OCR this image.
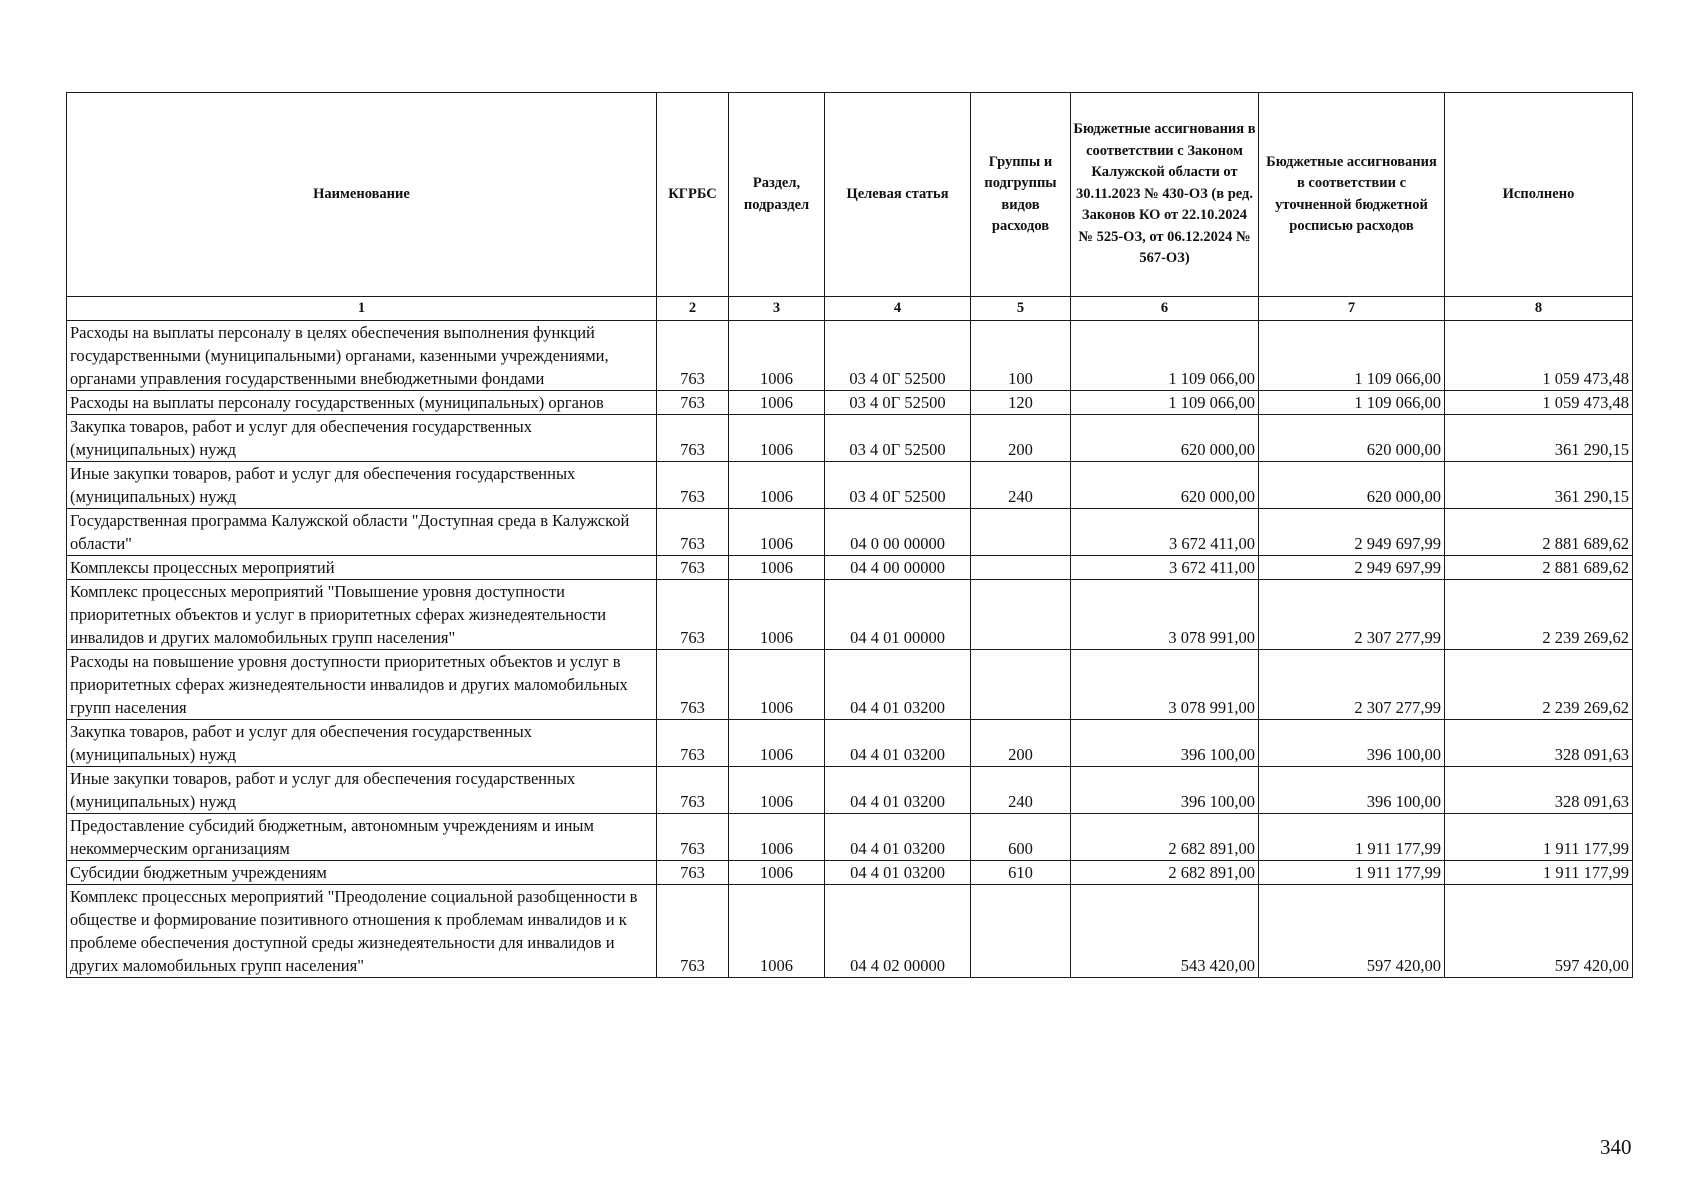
Наименование	КГРБС	Раздел, подраздел	Целевая статья	Группы и подгруппы видов расходов	Бюджетные ассигнования в соответствии с Законом Калужской области от 30.11.2023 № 430-ОЗ (в ред. Законов КО от 22.10.2024 № 525-ОЗ, от 06.12.2024 № 567-ОЗ)	Бюджетные ассигнования в соответствии с уточненной бюджетной росписью расходов	Исполнено
1	2	3	4	5	6	7	8
Расходы на выплаты персоналу в целях обеспечения выполнения функций государственными (муниципальными) органами, казенными учреждениями, органами управления государственными внебюджетными фондами	763	1006	03 4 0Г 52500	100	1 109 066,00	1 109 066,00	1 059 473,48
Расходы на выплаты персоналу государственных (муниципальных) органов	763	1006	03 4 0Г 52500	120	1 109 066,00	1 109 066,00	1 059 473,48
Закупка товаров, работ и услуг для обеспечения государственных (муниципальных) нужд	763	1006	03 4 0Г 52500	200	620 000,00	620 000,00	361 290,15
Иные закупки товаров, работ и услуг для обеспечения государственных (муниципальных) нужд	763	1006	03 4 0Г 52500	240	620 000,00	620 000,00	361 290,15
Государственная программа Калужской области "Доступная среда в Калужской области"	763	1006	04 0 00 00000		3 672 411,00	2 949 697,99	2 881 689,62
Комплексы процессных мероприятий	763	1006	04 4 00 00000		3 672 411,00	2 949 697,99	2 881 689,62
Комплекс процессных мероприятий "Повышение уровня доступности приоритетных объектов и услуг в приоритетных сферах жизнедеятельности инвалидов и других маломобильных групп населения"	763	1006	04 4 01 00000		3 078 991,00	2 307 277,99	2 239 269,62
Расходы на повышение уровня доступности приоритетных объектов и услуг в приоритетных сферах жизнедеятельности инвалидов и других маломобильных групп населения	763	1006	04 4 01 03200		3 078 991,00	2 307 277,99	2 239 269,62
Закупка товаров, работ и услуг для обеспечения государственных (муниципальных) нужд	763	1006	04 4 01 03200	200	396 100,00	396 100,00	328 091,63
Иные закупки товаров, работ и услуг для обеспечения государственных (муниципальных) нужд	763	1006	04 4 01 03200	240	396 100,00	396 100,00	328 091,63
Предоставление субсидий бюджетным, автономным учреждениям и иным некоммерческим организациям	763	1006	04 4 01 03200	600	2 682 891,00	1 911 177,99	1 911 177,99
Субсидии бюджетным учреждениям	763	1006	04 4 01 03200	610	2 682 891,00	1 911 177,99	1 911 177,99
Комплекс процессных мероприятий "Преодоление социальной разобщенности в обществе и формирование позитивного отношения к проблемам инвалидов и к проблеме обеспечения доступной среды жизнедеятельности для инвалидов и других маломобильных групп населения"	763	1006	04 4 02 00000		543 420,00	597 420,00	597 420,00
340
